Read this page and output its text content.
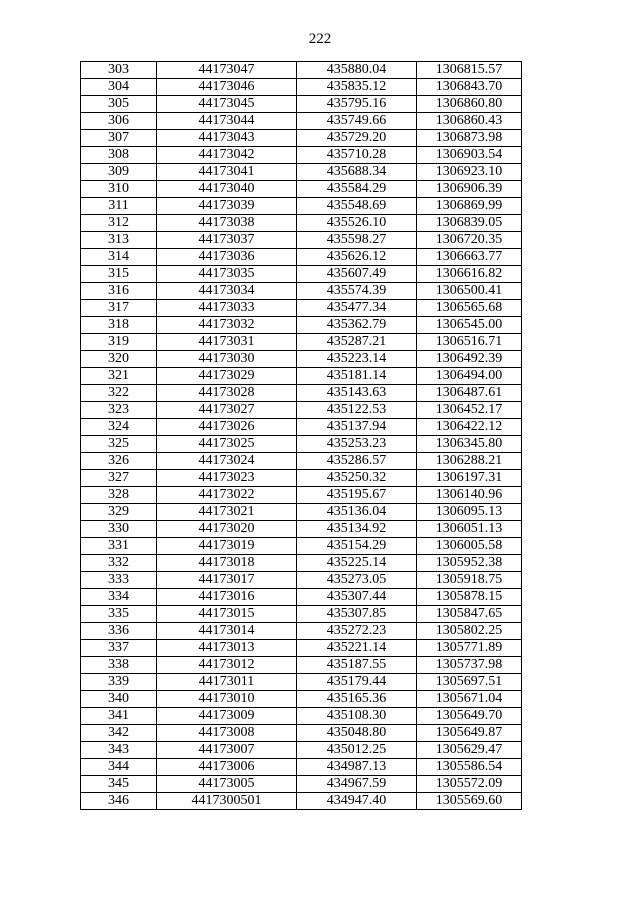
222
303	44173047	435880.04	1306815.57
304	44173046	435835.12	1306843.70
305	44173045	435795.16	1306860.80
306	44173044	435749.66	1306860.43
307	44173043	435729.20	1306873.98
308	44173042	435710.28	1306903.54
309	44173041	435688.34	1306923.10
310	44173040	435584.29	1306906.39
311	44173039	435548.69	1306869.99
312	44173038	435526.10	1306839.05
313	44173037	435598.27	1306720.35
314	44173036	435626.12	1306663.77
315	44173035	435607.49	1306616.82
316	44173034	435574.39	1306500.41
317	44173033	435477.34	1306565.68
318	44173032	435362.79	1306545.00
319	44173031	435287.21	1306516.71
320	44173030	435223.14	1306492.39
321	44173029	435181.14	1306494.00
322	44173028	435143.63	1306487.61
323	44173027	435122.53	1306452.17
324	44173026	435137.94	1306422.12
325	44173025	435253.23	1306345.80
326	44173024	435286.57	1306288.21
327	44173023	435250.32	1306197.31
328	44173022	435195.67	1306140.96
329	44173021	435136.04	1306095.13
330	44173020	435134.92	1306051.13
331	44173019	435154.29	1306005.58
332	44173018	435225.14	1305952.38
333	44173017	435273.05	1305918.75
334	44173016	435307.44	1305878.15
335	44173015	435307.85	1305847.65
336	44173014	435272.23	1305802.25
337	44173013	435221.14	1305771.89
338	44173012	435187.55	1305737.98
339	44173011	435179.44	1305697.51
340	44173010	435165.36	1305671.04
341	44173009	435108.30	1305649.70
342	44173008	435048.80	1305649.87
343	44173007	435012.25	1305629.47
344	44173006	434987.13	1305586.54
345	44173005	434967.59	1305572.09
346	4417300501	434947.40	1305569.60
